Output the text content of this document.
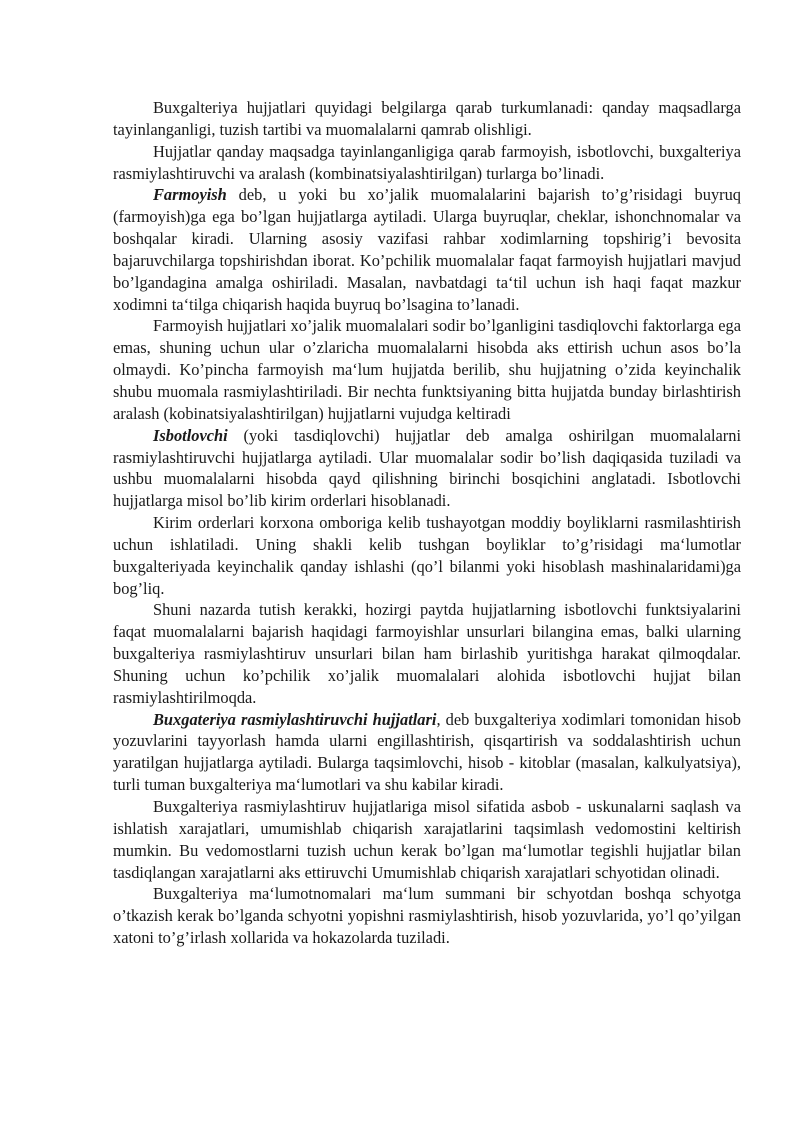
Buxgalteriya hujjatlari quyidagi belgilarga qarab turkumlanadi: qanday maqsadlarga tayinlanganligi, tuzish tartibi va muomalalarni qamrab olishligi.

Hujjatlar qanday maqsadga tayinlanganligiga qarab farmoyish, isbotlovchi, buxgalteriya rasmiylashtiruvchi va aralash (kombinatsiyalashtirilgan) turlarga bo’linadi.

Farmoyish deb, u yoki bu xo’jalik muomalalarini bajarish to’g’risidagi buyruq (farmoyish)ga ega bo’lgan hujjatlarga aytiladi. Ularga buyruqlar, cheklar, ishonchnomalar va boshqalar kiradi. Ularning asosiy vazifasi rahbar xodimlarning topshirig’i bevosita bajaruvchilarga topshirishdan iborat. Ko’pchilik muomalalar faqat farmoyish hujjatlari mavjud bo’lgandagina amalga oshiriladi. Masalan, navbatdagi ta‘til uchun ish haqi faqat mazkur xodimni ta‘tilga chiqarish haqida buyruq bo’lsagina to’lanadi.

Farmoyish hujjatlari xo’jalik muomalalari sodir bo’lganligini tasdiqlovchi faktorlarga ega emas, shuning uchun ular o’zlaricha muomalalarni hisobda aks ettirish uchun asos bo’la olmaydi. Ko’pincha farmoyish ma‘lum hujjatda berilib, shu hujjatning o’zida keyinchalik shubu muomala rasmiylashtiriladi. Bir nechta funktsiyaning bitta hujjatda bunday birlashtirish aralash (kobinatsiyalashtirilgan) hujjatlarni vujudga keltiradi

Isbotlovchi (yoki tasdiqlovchi) hujjatlar deb amalga oshirilgan muomalalarni rasmiylashtiruvchi hujjatlarga aytiladi. Ular muomalalar sodir bo’lish daqiqasida tuziladi va ushbu muomalalarni hisobda qayd qilishning birinchi bosqichini anglatadi. Isbotlovchi hujjatlarga misol bo’lib kirim orderlari hisoblanadi.

Kirim orderlari korxona omboriga kelib tushayotgan moddiy boyliklarni rasmilashtirish uchun ishlatiladi. Uning shakli kelib tushgan boyliklar to’g’risidagi ma‘lumotlar buxgalteriyada keyinchalik qanday ishlashi (qo’l bilanmi yoki hisoblash mashinalaridami)ga bog’liq.

Shuni nazarda tutish kerakki, hozirgi paytda hujjatlarning isbotlovchi funktsiyalarini faqat muomalalarni bajarish haqidagi farmoyishlar unsurlari bilangina emas, balki ularning buxgalteriya rasmiylashtiruv unsurlari bilan ham birlashib yuritishga harakat qilmoqdalar. Shuning uchun ko’pchilik xo’jalik muomalalari alohida isbotlovchi hujjat bilan rasmiylashtirilmoqda.

Buxgateriya rasmiylashtiruvchi hujjatlari, deb buxgalteriya xodimlari tomonidan hisob yozuvlarini tayyorlash hamda ularni engillashtirish, qisqartirish va soddalashtirish uchun yaratilgan hujjatlarga aytiladi. Bularga taqsimlovchi, hisob - kitoblar (masalan, kalkulyatsiya), turli tuman buxgalteriya ma‘lumotlari va shu kabilar kiradi.

Buxgalteriya rasmiylashtiruv hujjatlariga misol sifatida asbob - uskunalarni saqlash va ishlatish xarajatlari, umumishlab chiqarish xarajatlarini taqsimlash vedomostini keltirish mumkin. Bu vedomostlarni tuzish uchun kerak bo’lgan ma‘lumotlar tegishli hujjatlar bilan tasdiqlangan xarajatlarni aks ettiruvchi Umumishlab chiqarish xarajatlari schyotidan olinadi.

Buxgalteriya ma‘lumotnomalari ma‘lum summani bir schyotdan boshqa schyotga o’tkazish kerak bo’lganda schyotni yopishni rasmiylashtirish, hisob yozuvlarida, yo’l qo’yilgan xatoni to’g’irlash xollarida va hokazolarda tuziladi.
